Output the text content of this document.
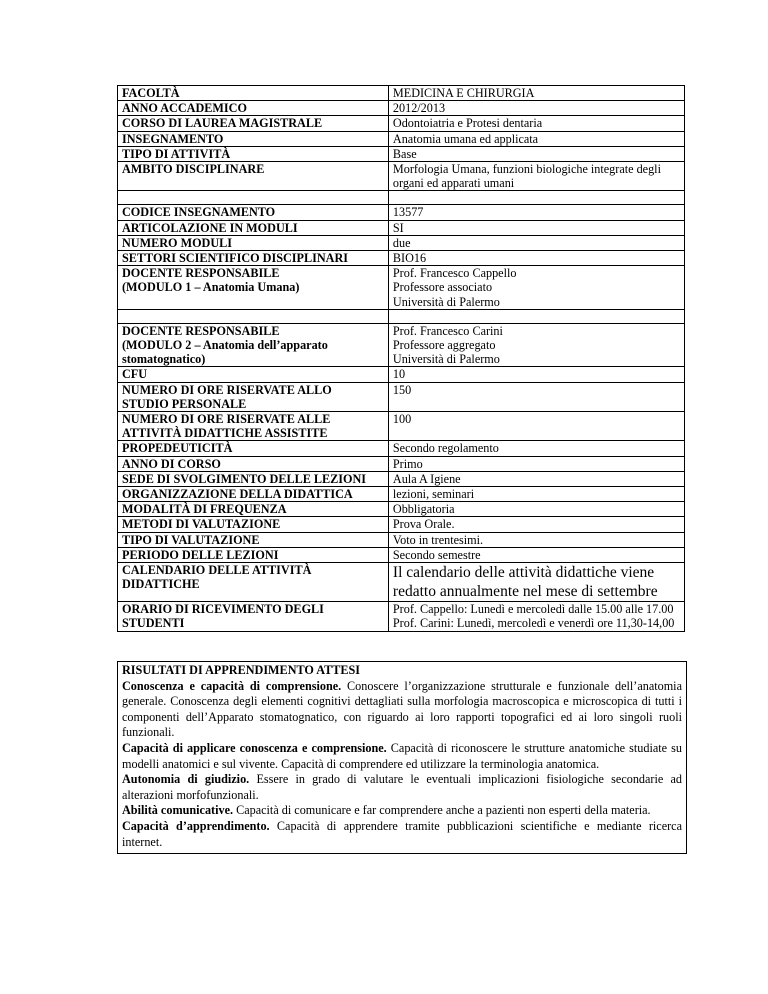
FACOLTÀ	MEDICINA E CHIRURGIA

ANNO ACCADEMICO	2012/2013

CORSO DI LAUREA MAGISTRALE	Odontoiatria e Protesi dentaria

INSEGNAMENTO	Anatomia umana ed applicata

TIPO DI ATTIVITÀ	Base

AMBITO DISCIPLINARE	Morfologia Umana, funzioni biologiche integrate degli organi ed apparati umani

CODICE INSEGNAMENTO	13577

ARTICOLAZIONE IN MODULI	SI

NUMERO MODULI	due

SETTORI SCIENTIFICO DISCIPLINARI	BIO16

DOCENTE RESPONSABILE
(MODULO 1 – Anatomia Umana)	Prof. Francesco Cappello
Professore associato
Università di Palermo

DOCENTE RESPONSABILE
(MODULO 2 – Anatomia dell’apparato
stomatognatico)	Prof. Francesco Carini
Professore aggregato
Università di Palermo

CFU	10

NUMERO DI ORE RISERVATE ALLO
STUDIO PERSONALE	150

NUMERO DI ORE RISERVATE ALLE
ATTIVITÀ DIDATTICHE ASSISTITE	100

PROPEDEUTICITÀ	Secondo regolamento

ANNO DI CORSO	Primo

SEDE DI SVOLGIMENTO DELLE LEZIONI	Aula A Igiene

ORGANIZZAZIONE DELLA DIDATTICA	lezioni, seminari

MODALITÀ DI FREQUENZA	Obbligatoria

METODI DI VALUTAZIONE	Prova Orale.

TIPO DI VALUTAZIONE	Voto in trentesimi.

PERIODO DELLE LEZIONI	Secondo semestre

CALENDARIO DELLE ATTIVITÀ
DIDATTICHE	Il calendario delle attività didattiche viene redatto annualmente nel mese di settembre

ORARIO DI RICEVIMENTO DEGLI
STUDENTI	Prof. Cappello: Lunedì e mercoledì dalle 15.00 alle 17.00
Prof. Carini: Lunedì, mercoledì e venerdì ore 11,30-14,00
RISULTATI DI APPRENDIMENTO ATTESI

Conoscenza e capacità di comprensione. Conoscere l’organizzazione strutturale e funzionale dell’anatomia generale. Conoscenza degli elementi cognitivi dettagliati sulla morfologia macroscopica e microscopica di tutti i componenti dell’Apparato stomatognatico, con riguardo ai loro rapporti topografici ed ai loro singoli ruoli funzionali.

Capacità di applicare conoscenza e comprensione. Capacità di riconoscere le strutture anatomiche studiate su modelli anatomici e sul vivente. Capacità di comprendere ed utilizzare la terminologia anatomica.

Autonomia di giudizio. Essere in grado di valutare le eventuali implicazioni fisiologiche secondarie ad alterazioni morfofunzionali.

Abilità comunicative. Capacità di comunicare e far comprendere anche a pazienti non esperti della materia.

Capacità d’apprendimento. Capacità di apprendere tramite pubblicazioni scientifiche e mediante ricerca internet.
